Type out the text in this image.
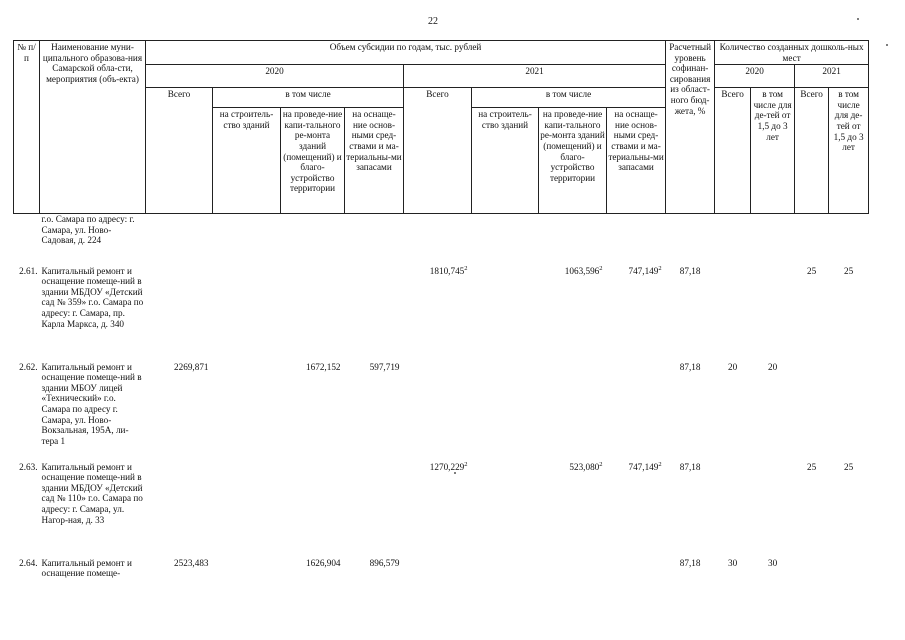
22
№ п/п	Наименование муни-ципального образова-ния Самарской обла-сти, мероприятия (объ-екта)	Объем субсидии по годам, тыс. рублей								Расчетный уровень софинан-сирования из област-ного бюд-жета, %	Количество созданных дошколь-ных мест			
		2020				2021					2020		2021	
		Всего	в том числе			Всего	в том числе				Всего	в том числе для де-тей от 1,5 до 3 лет	Всего	в том числе для де-тей от 1,5 до 3 лет
			на строитель-ство зданий	на проведе-ние капи-тального ре-монта зданий (помещений) и благо-устройство территории	на оснаще-ние основ-ными сред-ствами и ма-териальны-ми запасами		на строитель-ство зданий	на проведе-ние капи-тального ре-монта зданий (помещений) и благо-устройство территории	на оснаще-ние основ-ными сред-ствами и ма-териальны-ми запасами					
	г.о. Самара по адресу: г. Самара, ул. Ново-Садовая, д. 224													
2.61.	Капитальный ремонт и оснащение помеще-ний в здании МБДОУ «Детский сад № 359» г.о. Самара по адресу: г. Самара, пр. Карла Маркса, д. 340					1810,745$^2$		1063,596$^2$	747,149$^2$	87,18			25	25
2.62.	Капитальный ремонт и оснащение помеще-ний в здании МБОУ лицей «Технический» г.о. Самара по адресу г. Самара, ул. Ново-Вокзальная, 195А, ли-тера 1	2269,871		1672,152	597,719					87,18	20	20		
2.63.	Капитальный ремонт и оснащение помеще-ний в здании МБДОУ «Детский сад № 110» г.о. Самара по адресу: г. Самара, ул. Нагор-ная, д. 33					1270,229$^2$		523,080$^2$	747,149$^2$	87,18			25	25
2.64.	Капитальный ремонт и оснащение помеще-	2523,483		1626,904	896,579					87,18	30	30		
